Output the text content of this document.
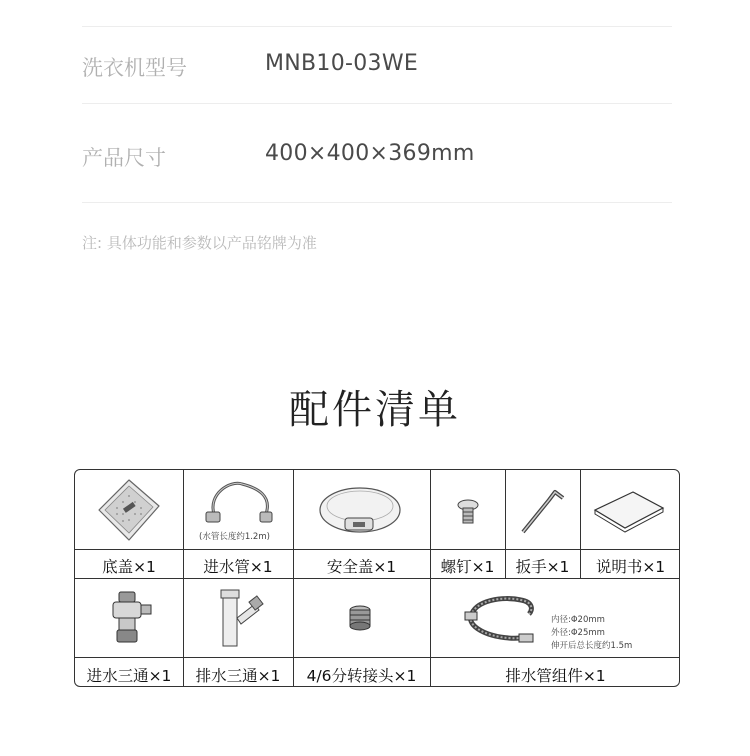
洗衣机型号	MNB10-03WE
产品尺寸	400×400×369mm
注: 具体功能和参数以产品铭牌为准
配件清单
(水管长度约1.2m)
底盖×1	进水管×1	安全盖×1	螺钉×1	扳手×1	说明书×1
内径:Φ20mm
外径:Φ25mm
伸开后总长度约1.5m
进水三通×1	排水三通×1	4/6分转接头×1	排水管组件×1
